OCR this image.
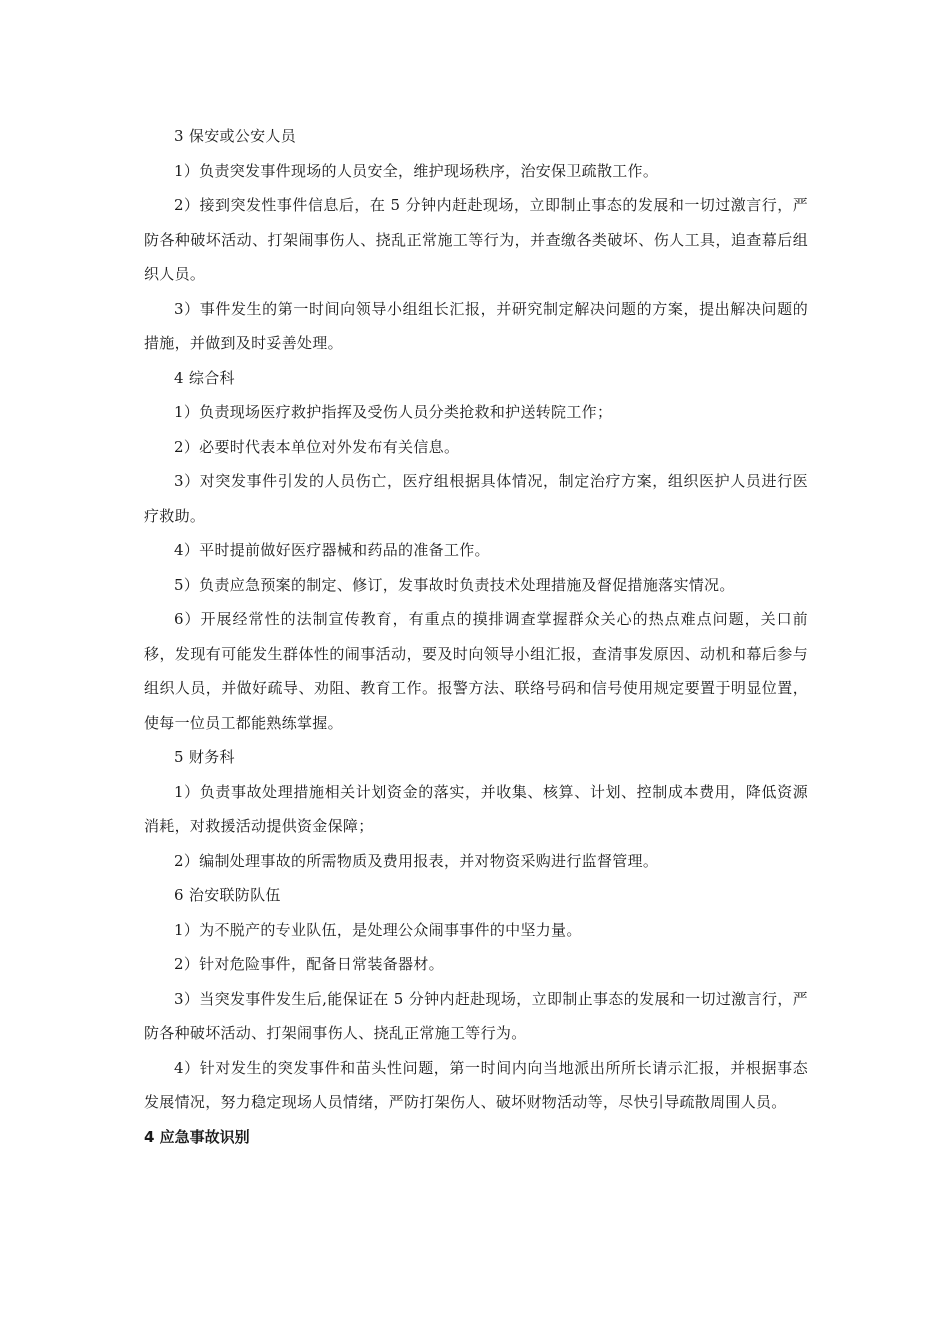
3 保安或公安人员

1）负责突发事件现场的人员安全，维护现场秩序，治安保卫疏散工作。

2）接到突发性事件信息后，在 5 分钟内赶赴现场，立即制止事态的发展和一切过激言行，严防各种破坏活动、打架闹事伤人、挠乱正常施工等行为，并查缴各类破坏、伤人工具，追查幕后组织人员。

3）事件发生的第一时间向领导小组组长汇报，并研究制定解决问题的方案，提出解决问题的措施，并做到及时妥善处理。

4 综合科

1）负责现场医疗救护指挥及受伤人员分类抢救和护送转院工作；

2）必要时代表本单位对外发布有关信息。

3）对突发事件引发的人员伤亡，医疗组根据具体情况，制定治疗方案，组织医护人员进行医疗救助。

4）平时提前做好医疗器械和药品的准备工作。

5）负责应急预案的制定、修订，发事故时负责技术处理措施及督促措施落实情况。

6）开展经常性的法制宣传教育，有重点的摸排调查掌握群众关心的热点难点问题，关口前移，发现有可能发生群体性的闹事活动，要及时向领导小组汇报，查清事发原因、动机和幕后参与组织人员，并做好疏导、劝阻、教育工作。报警方法、联络号码和信号使用规定要置于明显位置，使每一位员工都能熟练掌握。

5 财务科

1）负责事故处理措施相关计划资金的落实，并收集、核算、计划、控制成本费用，降低资源消耗，对救援活动提供资金保障；

2）编制处理事故的所需物质及费用报表，并对物资采购进行监督管理。

6 治安联防队伍

1）为不脱产的专业队伍，是处理公众闹事事件的中坚力量。

2）针对危险事件，配备日常装备器材。

3）当突发事件发生后,能保证在 5 分钟内赶赴现场，立即制止事态的发展和一切过激言行，严防各种破坏活动、打架闹事伤人、挠乱正常施工等行为。

4）针对发生的突发事件和苗头性问题，第一时间内向当地派出所所长请示汇报，并根据事态发展情况，努力稳定现场人员情绪，严防打架伤人、破坏财物活动等，尽快引导疏散周围人员。

4 应急事故识别
